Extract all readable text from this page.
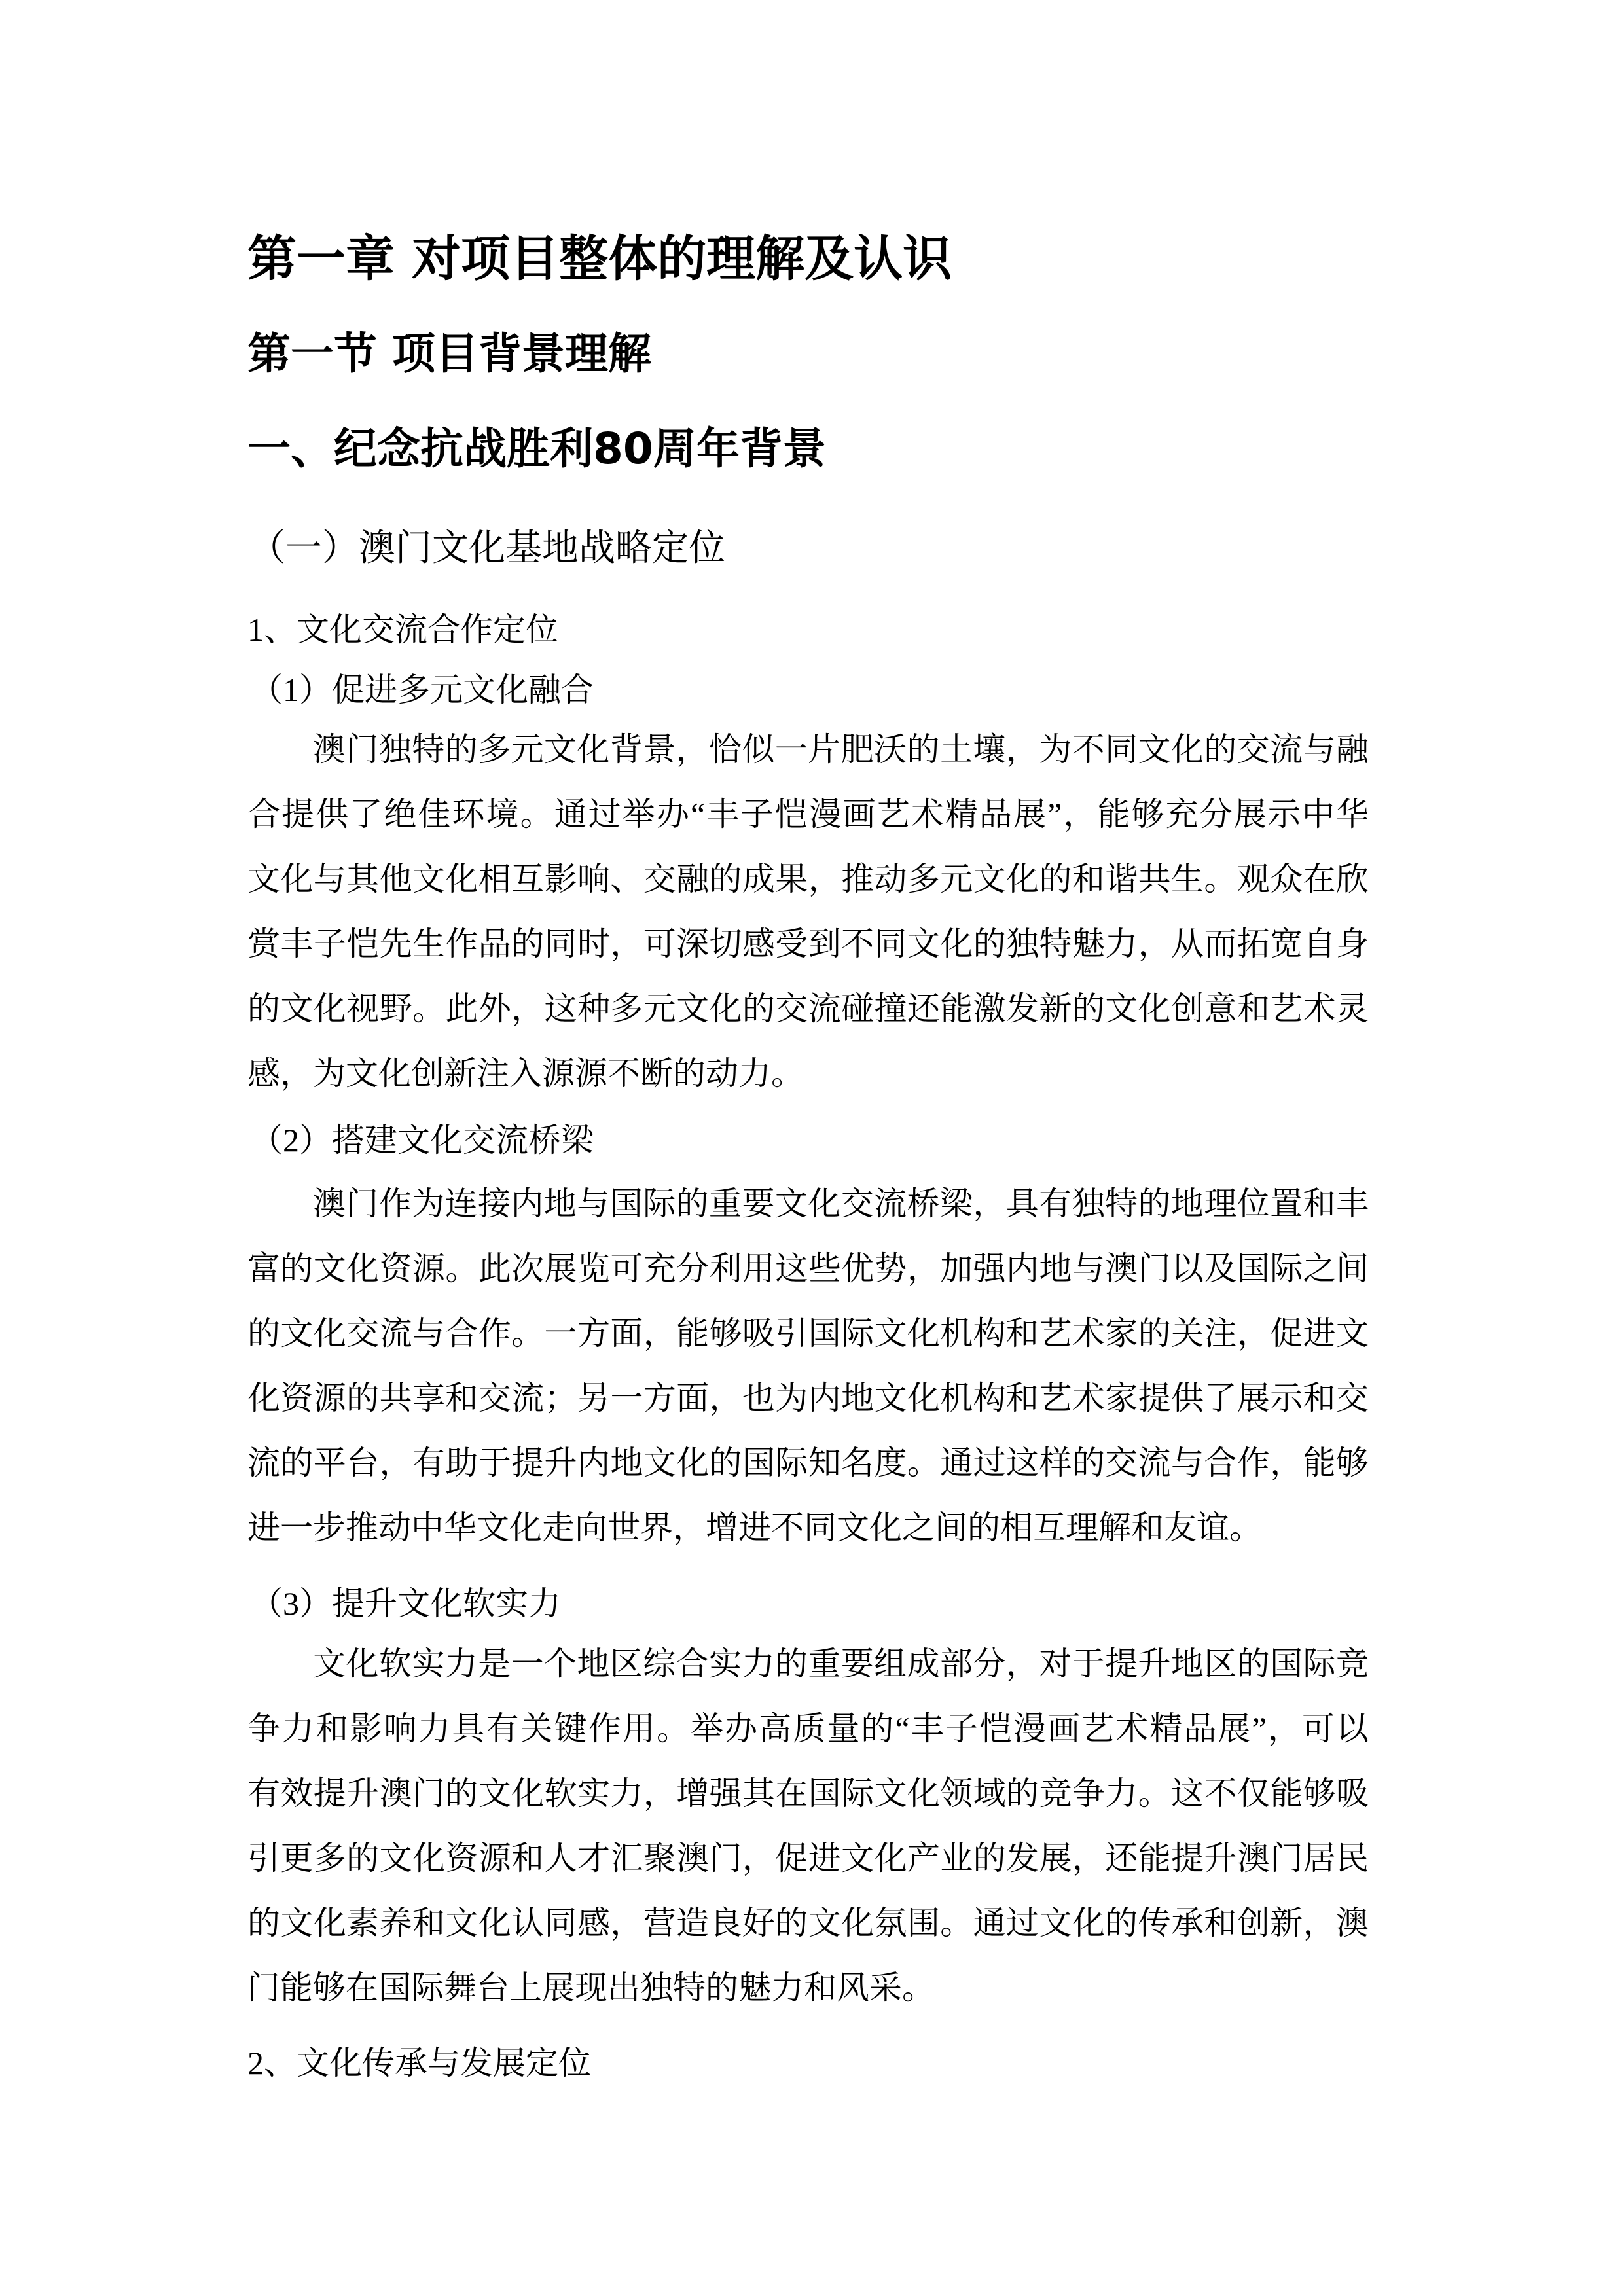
第一章 对项目整体的理解及认识
第一节 项目背景理解
一、纪念抗战胜利80周年背景
（一）澳门文化基地战略定位
1、文化交流合作定位
（1）促进多元文化融合
澳门独特的多元文化背景，恰似一片肥沃的土壤，为不同文化的交流与融
合提供了绝佳环境。通过举办“丰子恺漫画艺术精品展”，能够充分展示中华
文化与其他文化相互影响、交融的成果，推动多元文化的和谐共生。观众在欣
赏丰子恺先生作品的同时，可深切感受到不同文化的独特魅力，从而拓宽自身
的文化视野。此外，这种多元文化的交流碰撞还能激发新的文化创意和艺术灵
感，为文化创新注入源源不断的动力。
（2）搭建文化交流桥梁
澳门作为连接内地与国际的重要文化交流桥梁，具有独特的地理位置和丰
富的文化资源。此次展览可充分利用这些优势，加强内地与澳门以及国际之间
的文化交流与合作。一方面，能够吸引国际文化机构和艺术家的关注，促进文
化资源的共享和交流；另一方面，也为内地文化机构和艺术家提供了展示和交
流的平台，有助于提升内地文化的国际知名度。通过这样的交流与合作，能够
进一步推动中华文化走向世界，增进不同文化之间的相互理解和友谊。
（3）提升文化软实力
文化软实力是一个地区综合实力的重要组成部分，对于提升地区的国际竞
争力和影响力具有关键作用。举办高质量的“丰子恺漫画艺术精品展”，可以
有效提升澳门的文化软实力，增强其在国际文化领域的竞争力。这不仅能够吸
引更多的文化资源和人才汇聚澳门，促进文化产业的发展，还能提升澳门居民
的文化素养和文化认同感，营造良好的文化氛围。通过文化的传承和创新，澳
门能够在国际舞台上展现出独特的魅力和风采。
2、文化传承与发展定位
